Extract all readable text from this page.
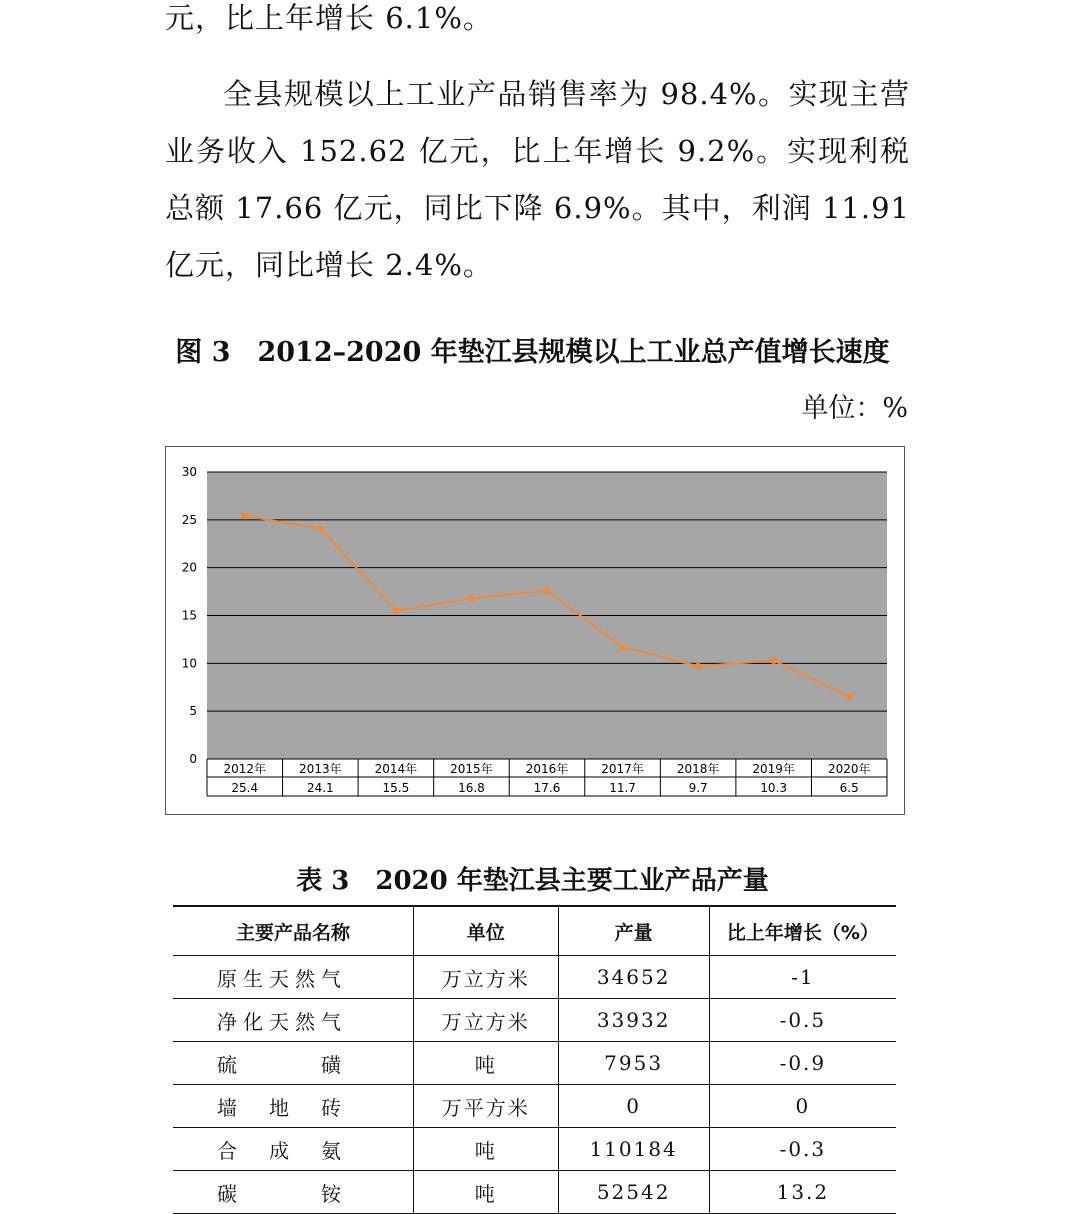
元，比上年增长 6.1%。

全县规模以上工业产品销售率为 98.4%。实现主营业务收入 152.62 亿元，比上年增长 9.2%。实现利税总额 17.66 亿元，同比下降 6.9%。其中，利润 11.91 亿元，同比增长 2.4%。

图 3　2012–2020 年垫江县规模以上工业总产值增长速度
单位：%
0
5
10
15
20
25
30
2012年
25.4
2013年
24.1
2014年
15.5
2015年
16.8
2016年
17.6
2017年
11.7
2018年
9.7
2019年
10.3
2020年
6.5
表 3　2020 年垫江县主要工业产品产量
主要产品名称	单位	产量	比上年增长（%）
原生天然气	万立方米	34652	-1
净化天然气	万立方米	33932	-0.5
硫　　　磺	吨	7953	-0.9
墙　地　砖	万平方米	0	0
合　成　氨	吨	110184	-0.3
碳　　　铵	吨	52542	13.2
